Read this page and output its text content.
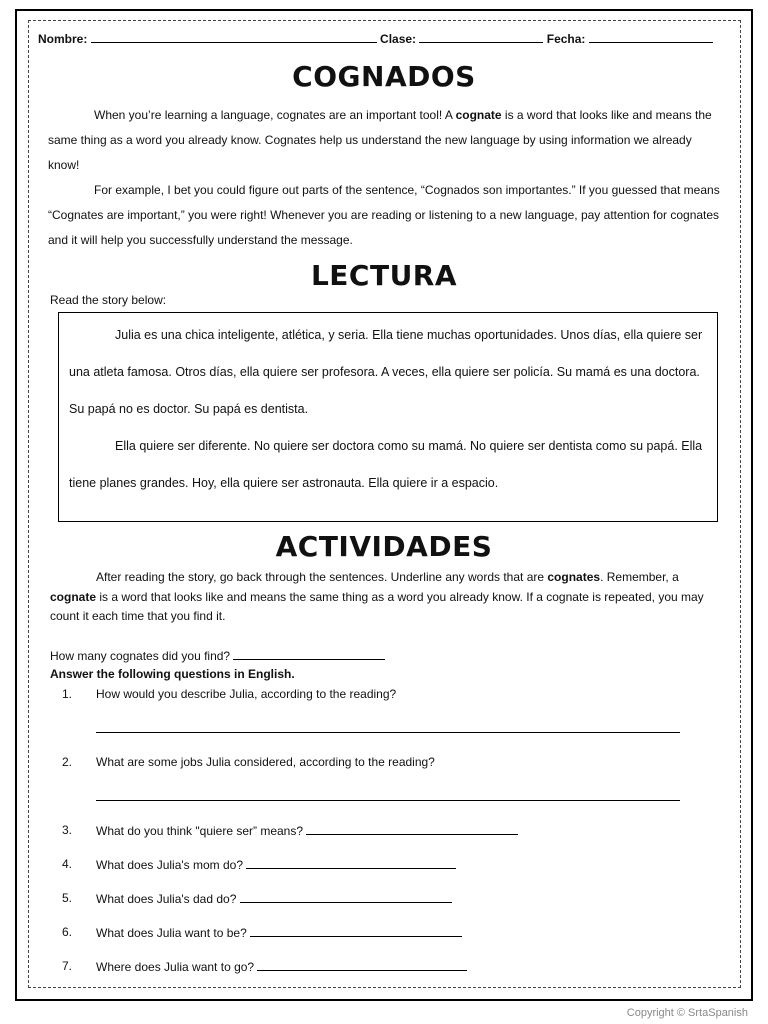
Nombre:	Clase:	Fecha:
COGNADOS

When you’re learning a language, cognates are an important tool! A cognate is a word that looks like and means the same thing as a word you already know. Cognates help us understand the new language by using information we already know!

For example, I bet you could figure out parts of the sentence, “Cognados son importantes.” If you guessed that means “Cognates are important,” you were right! Whenever you are reading or listening to a new language, pay attention for cognates and it will help you successfully understand the message.

LECTURA
Read the story below:

Julia es una chica inteligente, atlética, y seria. Ella tiene muchas oportunidades. Unos días, ella quiere ser una atleta famosa. Otros días, ella quiere ser profesora. A veces, ella quiere ser policía. Su mamá es una doctora. Su papá no es doctor. Su papá es dentista.

Ella quiere ser diferente. No quiere ser doctora como su mamá. No quiere ser dentista como su papá. Ella tiene planes grandes. Hoy, ella quiere ser astronauta. Ella quiere ir a espacio.

ACTIVIDADES

After reading the story, go back through the sentences. Underline any words that are cognates. Remember, a cognate is a word that looks like and means the same thing as a word you already know. If a cognate is repeated, you may count it each time that you find it.

How many cognates did you find?
Answer the following questions in English.
1.	How would you describe Julia, according to the reading?
2.	What are some jobs Julia considered, according to the reading?
3.	What do you think "quiere ser” means?
4.	What does Julia's mom do?
5.	What does Julia's dad do?
6.	What does Julia want to be?
7.	Where does Julia want to go?
Copyright © SrtaSpanish
